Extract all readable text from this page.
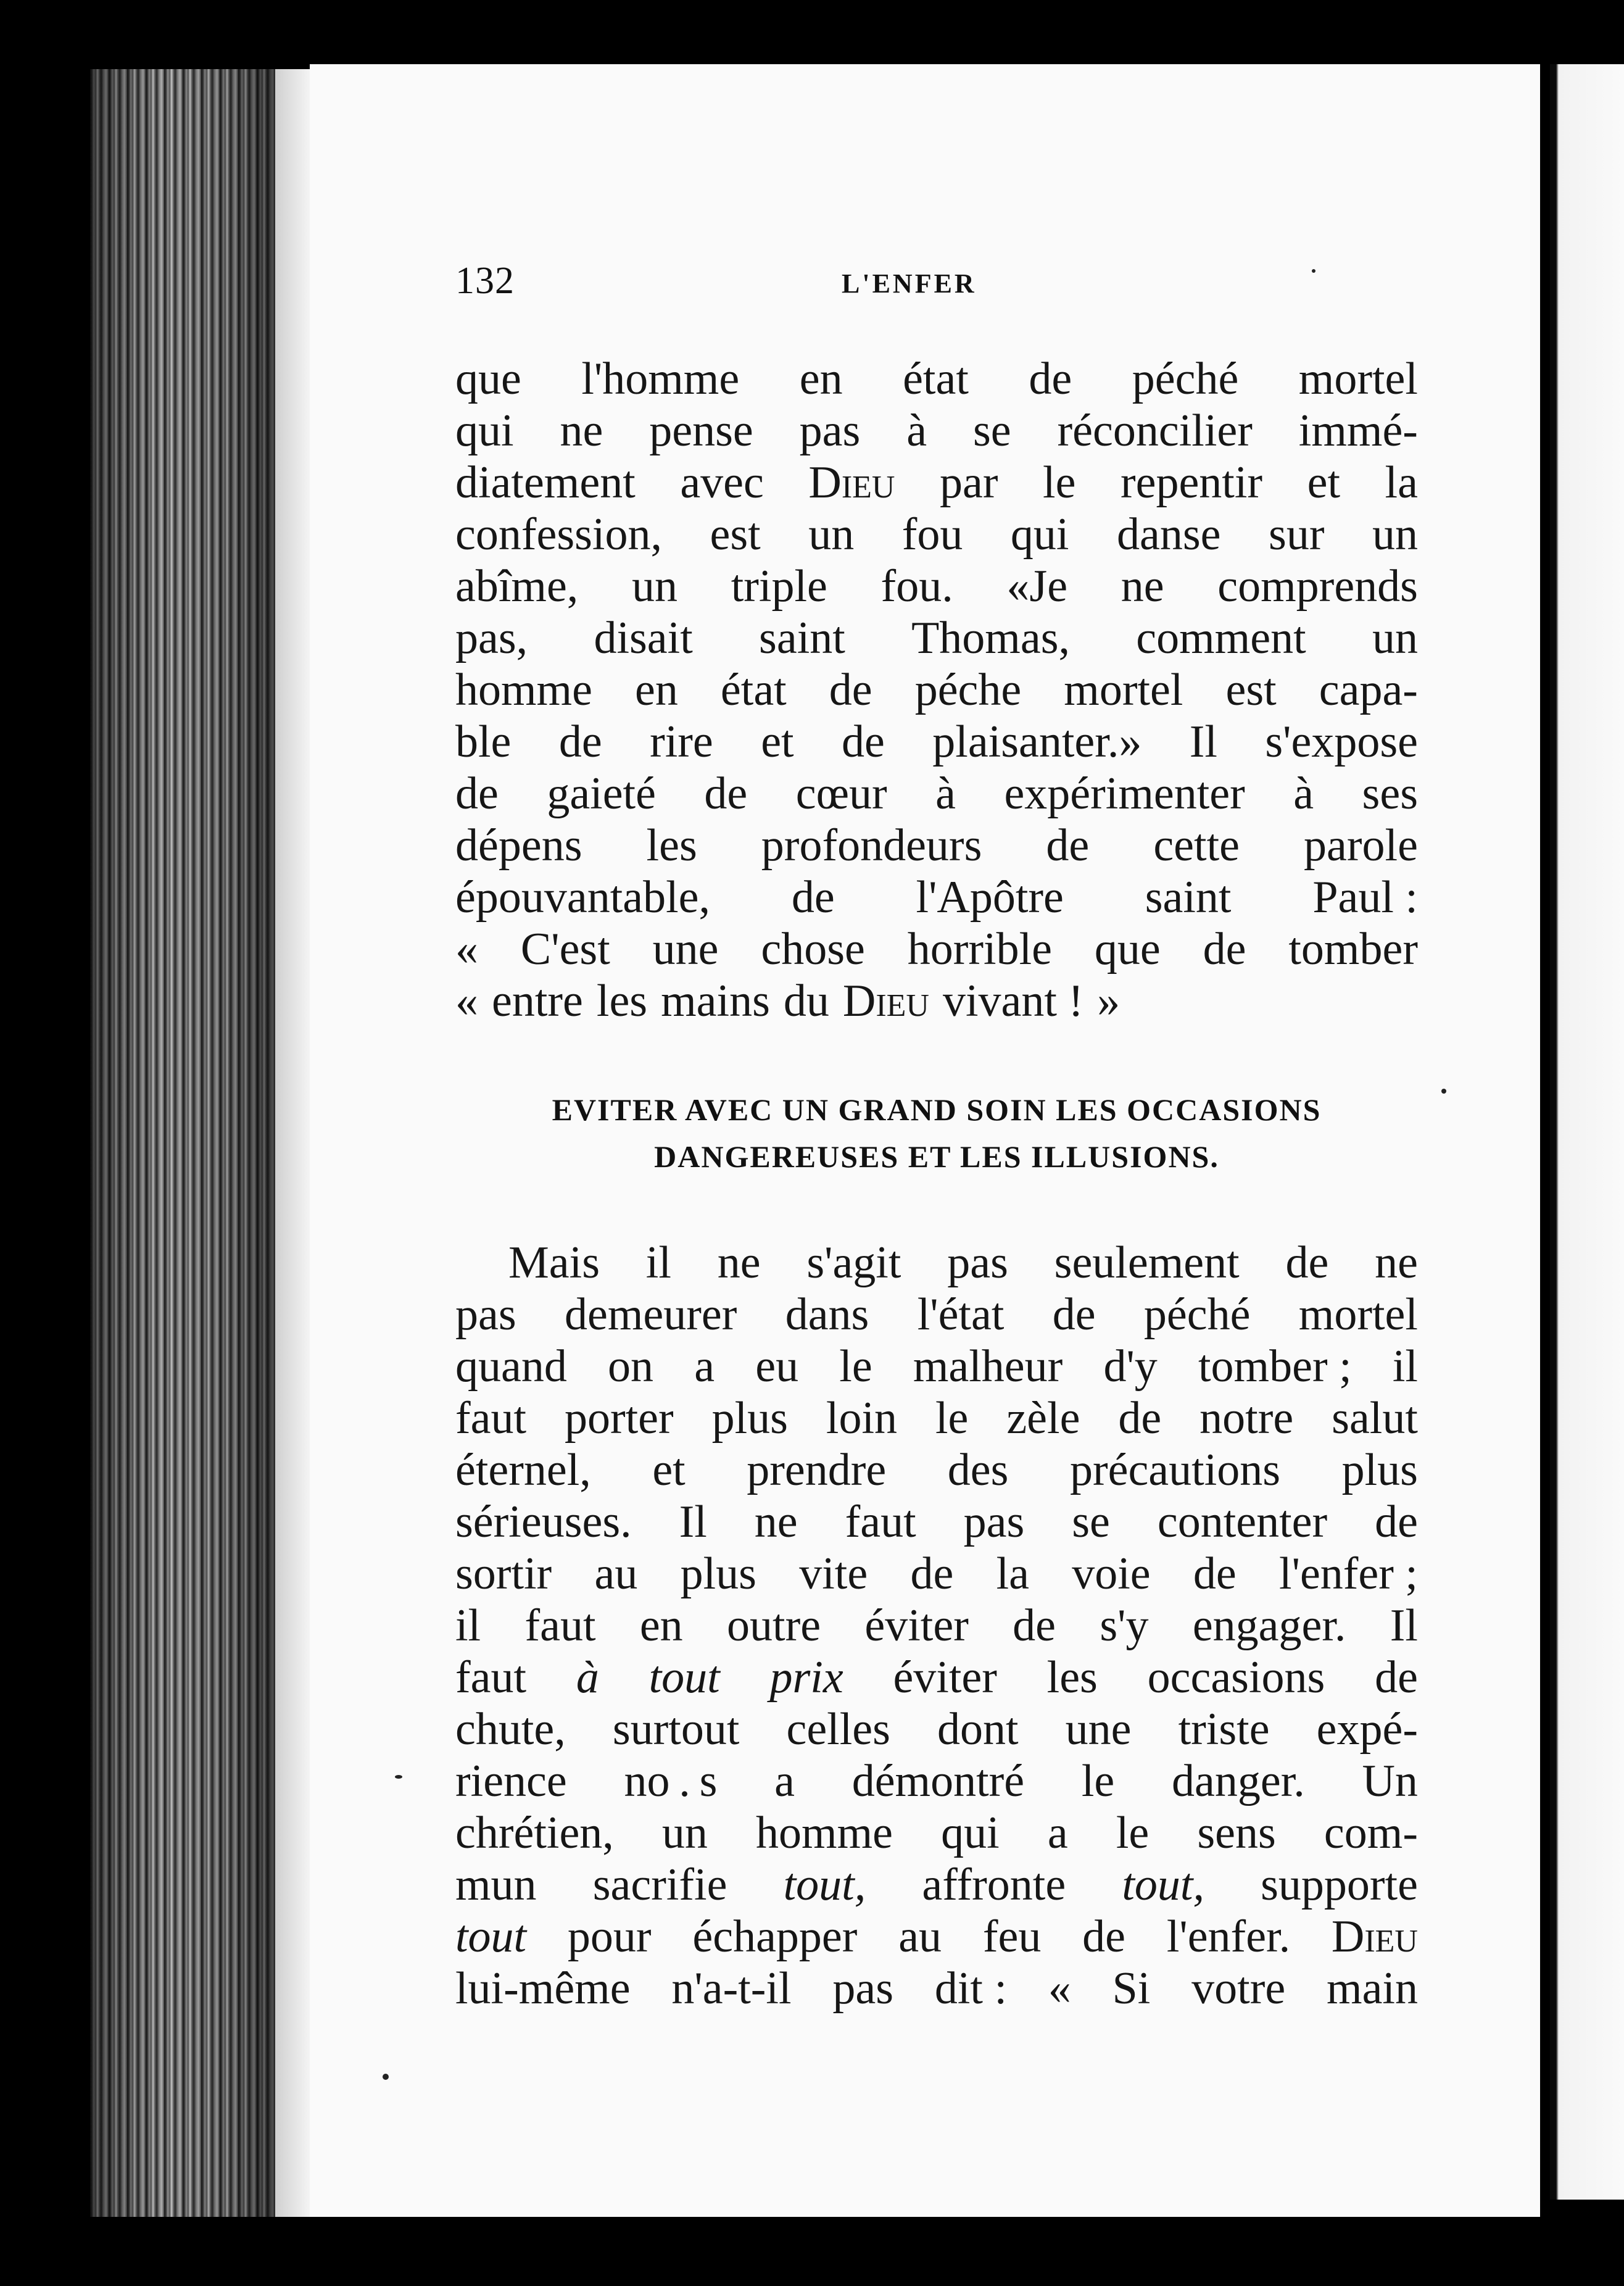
132	L'ENFER
que l'homme en état de péché mortel
qui ne pense pas à se réconcilier immé-
diatement avec Dieu par le repentir et la
confession, est un fou qui danse sur un
abîme, un triple fou. «Je ne comprends
pas, disait saint Thomas, comment un
homme en état de péche mortel est capa-
ble de rire et de plaisanter.» Il s'expose
de gaieté de cœur à expérimenter à ses
dépens les profondeurs de cette parole
épouvantable, de l'Apôtre saint Paul :
« C'est une chose horrible que de tomber
« entre les mains du Dieu vivant ! »
EVITER AVEC UN GRAND SOIN LES OCCASIONS
DANGEREUSES ET LES ILLUSIONS.
Mais il ne s'agit pas seulement de ne
pas demeurer dans l'état de péché mortel
quand on a eu le malheur d'y tomber ; il
faut porter plus loin le zèle de notre salut
éternel, et prendre des précautions plus
sérieuses. Il ne faut pas se contenter de
sortir au plus vite de la voie de l'enfer ;
il faut en outre éviter de s'y engager. Il
faut à tout prix éviter les occasions de
chute, surtout celles dont une triste expé-
rience no . s a démontré le danger. Un
chrétien, un homme qui a le sens com-
mun sacrifie tout, affronte tout, supporte
tout pour échapper au feu de l'enfer. Dieu
lui-même n'a-t-il pas dit : « Si votre main
